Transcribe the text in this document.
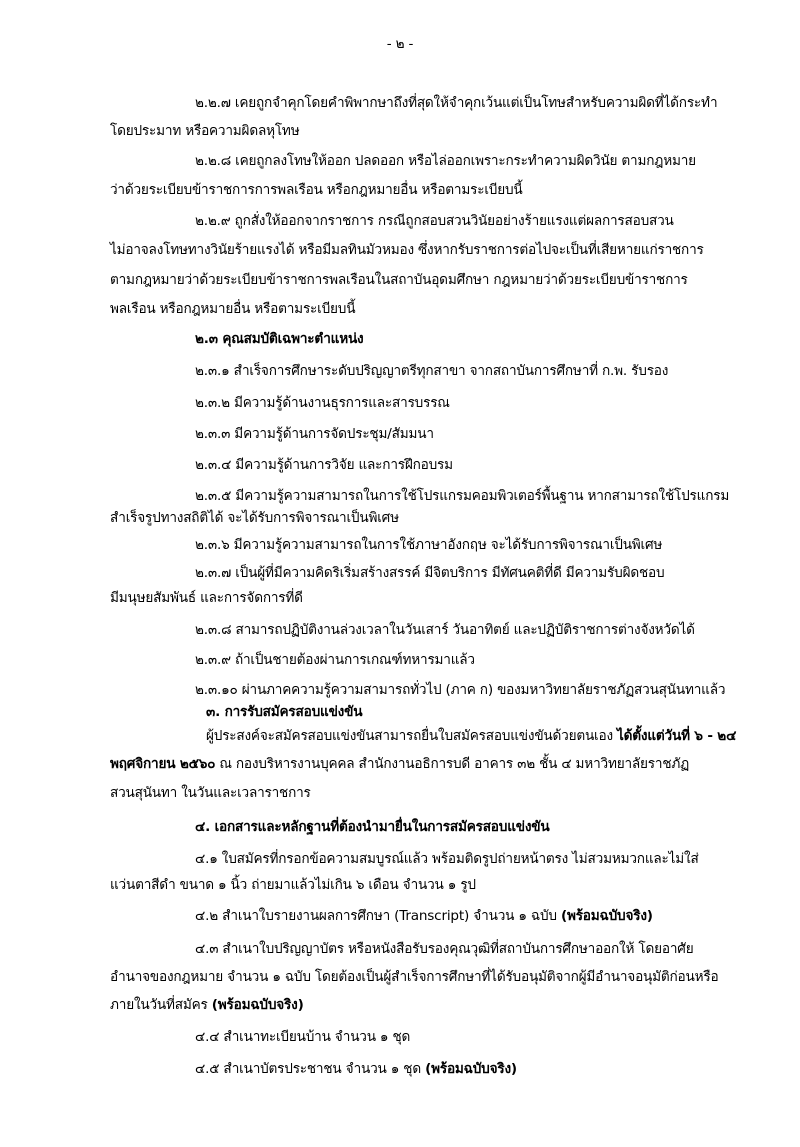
- ๒ -
๒.๒.๗ เคยถูกจำคุกโดยคำพิพากษาถึงที่สุดให้จำคุกเว้นแต่เป็นโทษสำหรับความผิดที่ได้กระทำ
โดยประมาท หรือความผิดลหุโทษ
๒.๒.๘ เคยถูกลงโทษให้ออก ปลดออก หรือไล่ออกเพราะกระทำความผิดวินัย ตามกฎหมาย
ว่าด้วยระเบียบข้าราชการการพลเรือน หรือกฎหมายอื่น หรือตามระเบียบนี้
๒.๒.๙ ถูกสั่งให้ออกจากราชการ กรณีถูกสอบสวนวินัยอย่างร้ายแรงแต่ผลการสอบสวน
ไม่อาจลงโทษทางวินัยร้ายแรงได้ หรือมีมลทินมัวหมอง ซึ่งหากรับราชการต่อไปจะเป็นที่เสียหายแก่ราชการ
ตามกฎหมายว่าด้วยระเบียบข้าราชการพลเรือนในสถาบันอุดมศึกษา กฎหมายว่าด้วยระเบียบข้าราชการ
พลเรือน หรือกฎหมายอื่น หรือตามระเบียบนี้
๒.๓ คุณสมบัติเฉพาะตำแหน่ง
๒.๓.๑ สำเร็จการศึกษาระดับปริญญาตรีทุกสาขา จากสถาบันการศึกษาที่ ก.พ. รับรอง
๒.๓.๒ มีความรู้ด้านงานธุรการและสารบรรณ
๒.๓.๓ มีความรู้ด้านการจัดประชุม/สัมมนา
๒.๓.๔ มีความรู้ด้านการวิจัย และการฝึกอบรม
๒.๓.๕ มีความรู้ความสามารถในการใช้โปรแกรมคอมพิวเตอร์พื้นฐาน หากสามารถใช้โปรแกรม
สำเร็จรูปทางสถิติได้ จะได้รับการพิจารณาเป็นพิเศษ
๒.๓.๖ มีความรู้ความสามารถในการใช้ภาษาอังกฤษ จะได้รับการพิจารณาเป็นพิเศษ
๒.๓.๗ เป็นผู้ที่มีความคิดริเริ่มสร้างสรรค์ มีจิตบริการ มีทัศนคติที่ดี มีความรับผิดชอบ
มีมนุษยสัมพันธ์ และการจัดการที่ดี
๒.๓.๘ สามารถปฏิบัติงานล่วงเวลาในวันเสาร์ วันอาทิตย์ และปฏิบัติราชการต่างจังหวัดได้
๒.๓.๙ ถ้าเป็นชายต้องผ่านการเกณฑ์ทหารมาแล้ว
๒.๓.๑๐ ผ่านภาคความรู้ความสามารถทั่วไป (ภาค ก) ของมหาวิทยาลัยราชภัฏสวนสุนันทาแล้ว
๓. การรับสมัครสอบแข่งขัน
ผู้ประสงค์จะสมัครสอบแข่งขันสามารถยื่นใบสมัครสอบแข่งขันด้วยตนเอง ได้ตั้งแต่วันที่ ๖ - ๒๔
พฤศจิกายน ๒๕๖๐ ณ กองบริหารงานบุคคล สำนักงานอธิการบดี อาคาร ๓๒ ชั้น ๔ มหาวิทยาลัยราชภัฏ
สวนสุนันทา ในวันและเวลาราชการ
๔. เอกสารและหลักฐานที่ต้องนำมายื่นในการสมัครสอบแข่งขัน
๔.๑ ใบสมัครที่กรอกข้อความสมบูรณ์แล้ว พร้อมติดรูปถ่ายหน้าตรง ไม่สวมหมวกและไม่ใส่
แว่นตาสีดำ ขนาด ๑ นิ้ว ถ่ายมาแล้วไม่เกิน ๖ เดือน จำนวน ๑ รูป
๔.๒ สำเนาใบรายงานผลการศึกษา (Transcript) จำนวน ๑ ฉบับ (พร้อมฉบับจริง)
๔.๓ สำเนาใบปริญญาบัตร หรือหนังสือรับรองคุณวุฒิที่สถาบันการศึกษาออกให้ โดยอาศัย
อำนาจของกฎหมาย จำนวน ๑ ฉบับ โดยต้องเป็นผู้สำเร็จการศึกษาที่ได้รับอนุมัติจากผู้มีอำนาจอนุมัติก่อนหรือ
ภายในวันที่สมัคร (พร้อมฉบับจริง)
๔.๔ สำเนาทะเบียนบ้าน จำนวน ๑ ชุด
๔.๕ สำเนาบัตรประชาชน จำนวน ๑ ชุด (พร้อมฉบับจริง)
